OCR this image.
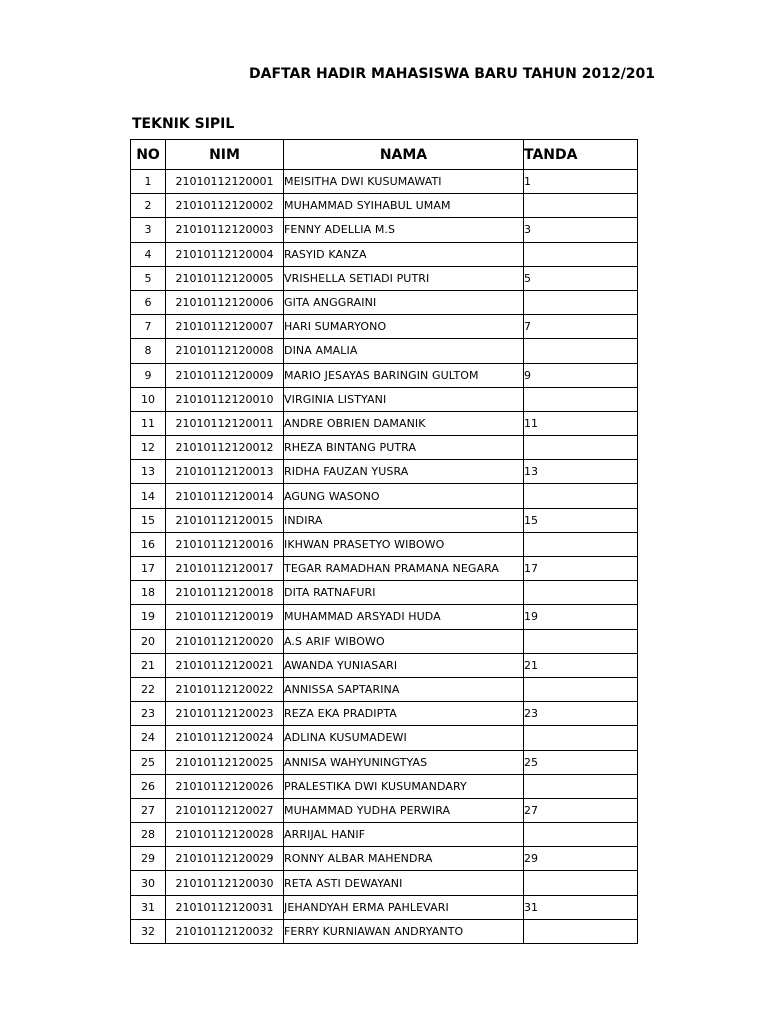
DAFTAR HADIR MAHASISWA BARU TAHUN 2012/201
TEKNIK SIPIL
NO	NIM	NAMA	TANDA
1	21010112120001	MEISITHA DWI KUSUMAWATI	1
2	21010112120002	MUHAMMAD SYIHABUL UMAM	
3	21010112120003	FENNY ADELLIA M.S	3
4	21010112120004	RASYID KANZA	
5	21010112120005	VRISHELLA SETIADI PUTRI	5
6	21010112120006	GITA ANGGRAINI	
7	21010112120007	HARI SUMARYONO	7
8	21010112120008	DINA AMALIA	
9	21010112120009	MARIO JESAYAS BARINGIN GULTOM	9
10	21010112120010	VIRGINIA LISTYANI	
11	21010112120011	ANDRE OBRIEN DAMANIK	11
12	21010112120012	RHEZA BINTANG PUTRA	
13	21010112120013	RIDHA FAUZAN YUSRA	13
14	21010112120014	AGUNG WASONO	
15	21010112120015	INDIRA	15
16	21010112120016	IKHWAN PRASETYO WIBOWO	
17	21010112120017	TEGAR RAMADHAN PRAMANA NEGARA	17
18	21010112120018	DITA RATNAFURI	
19	21010112120019	MUHAMMAD ARSYADI HUDA	19
20	21010112120020	A.S ARIF WIBOWO	
21	21010112120021	AWANDA YUNIASARI	21
22	21010112120022	ANNISSA SAPTARINA	
23	21010112120023	REZA EKA PRADIPTA	23
24	21010112120024	ADLINA KUSUMADEWI	
25	21010112120025	ANNISA WAHYUNINGTYAS	25
26	21010112120026	PRALESTIKA DWI KUSUMANDARY	
27	21010112120027	MUHAMMAD YUDHA PERWIRA	27
28	21010112120028	ARRIJAL HANIF	
29	21010112120029	RONNY ALBAR MAHENDRA	29
30	21010112120030	RETA ASTI DEWAYANI	
31	21010112120031	JEHANDYAH ERMA PAHLEVARI	31
32	21010112120032	FERRY KURNIAWAN ANDRYANTO	
